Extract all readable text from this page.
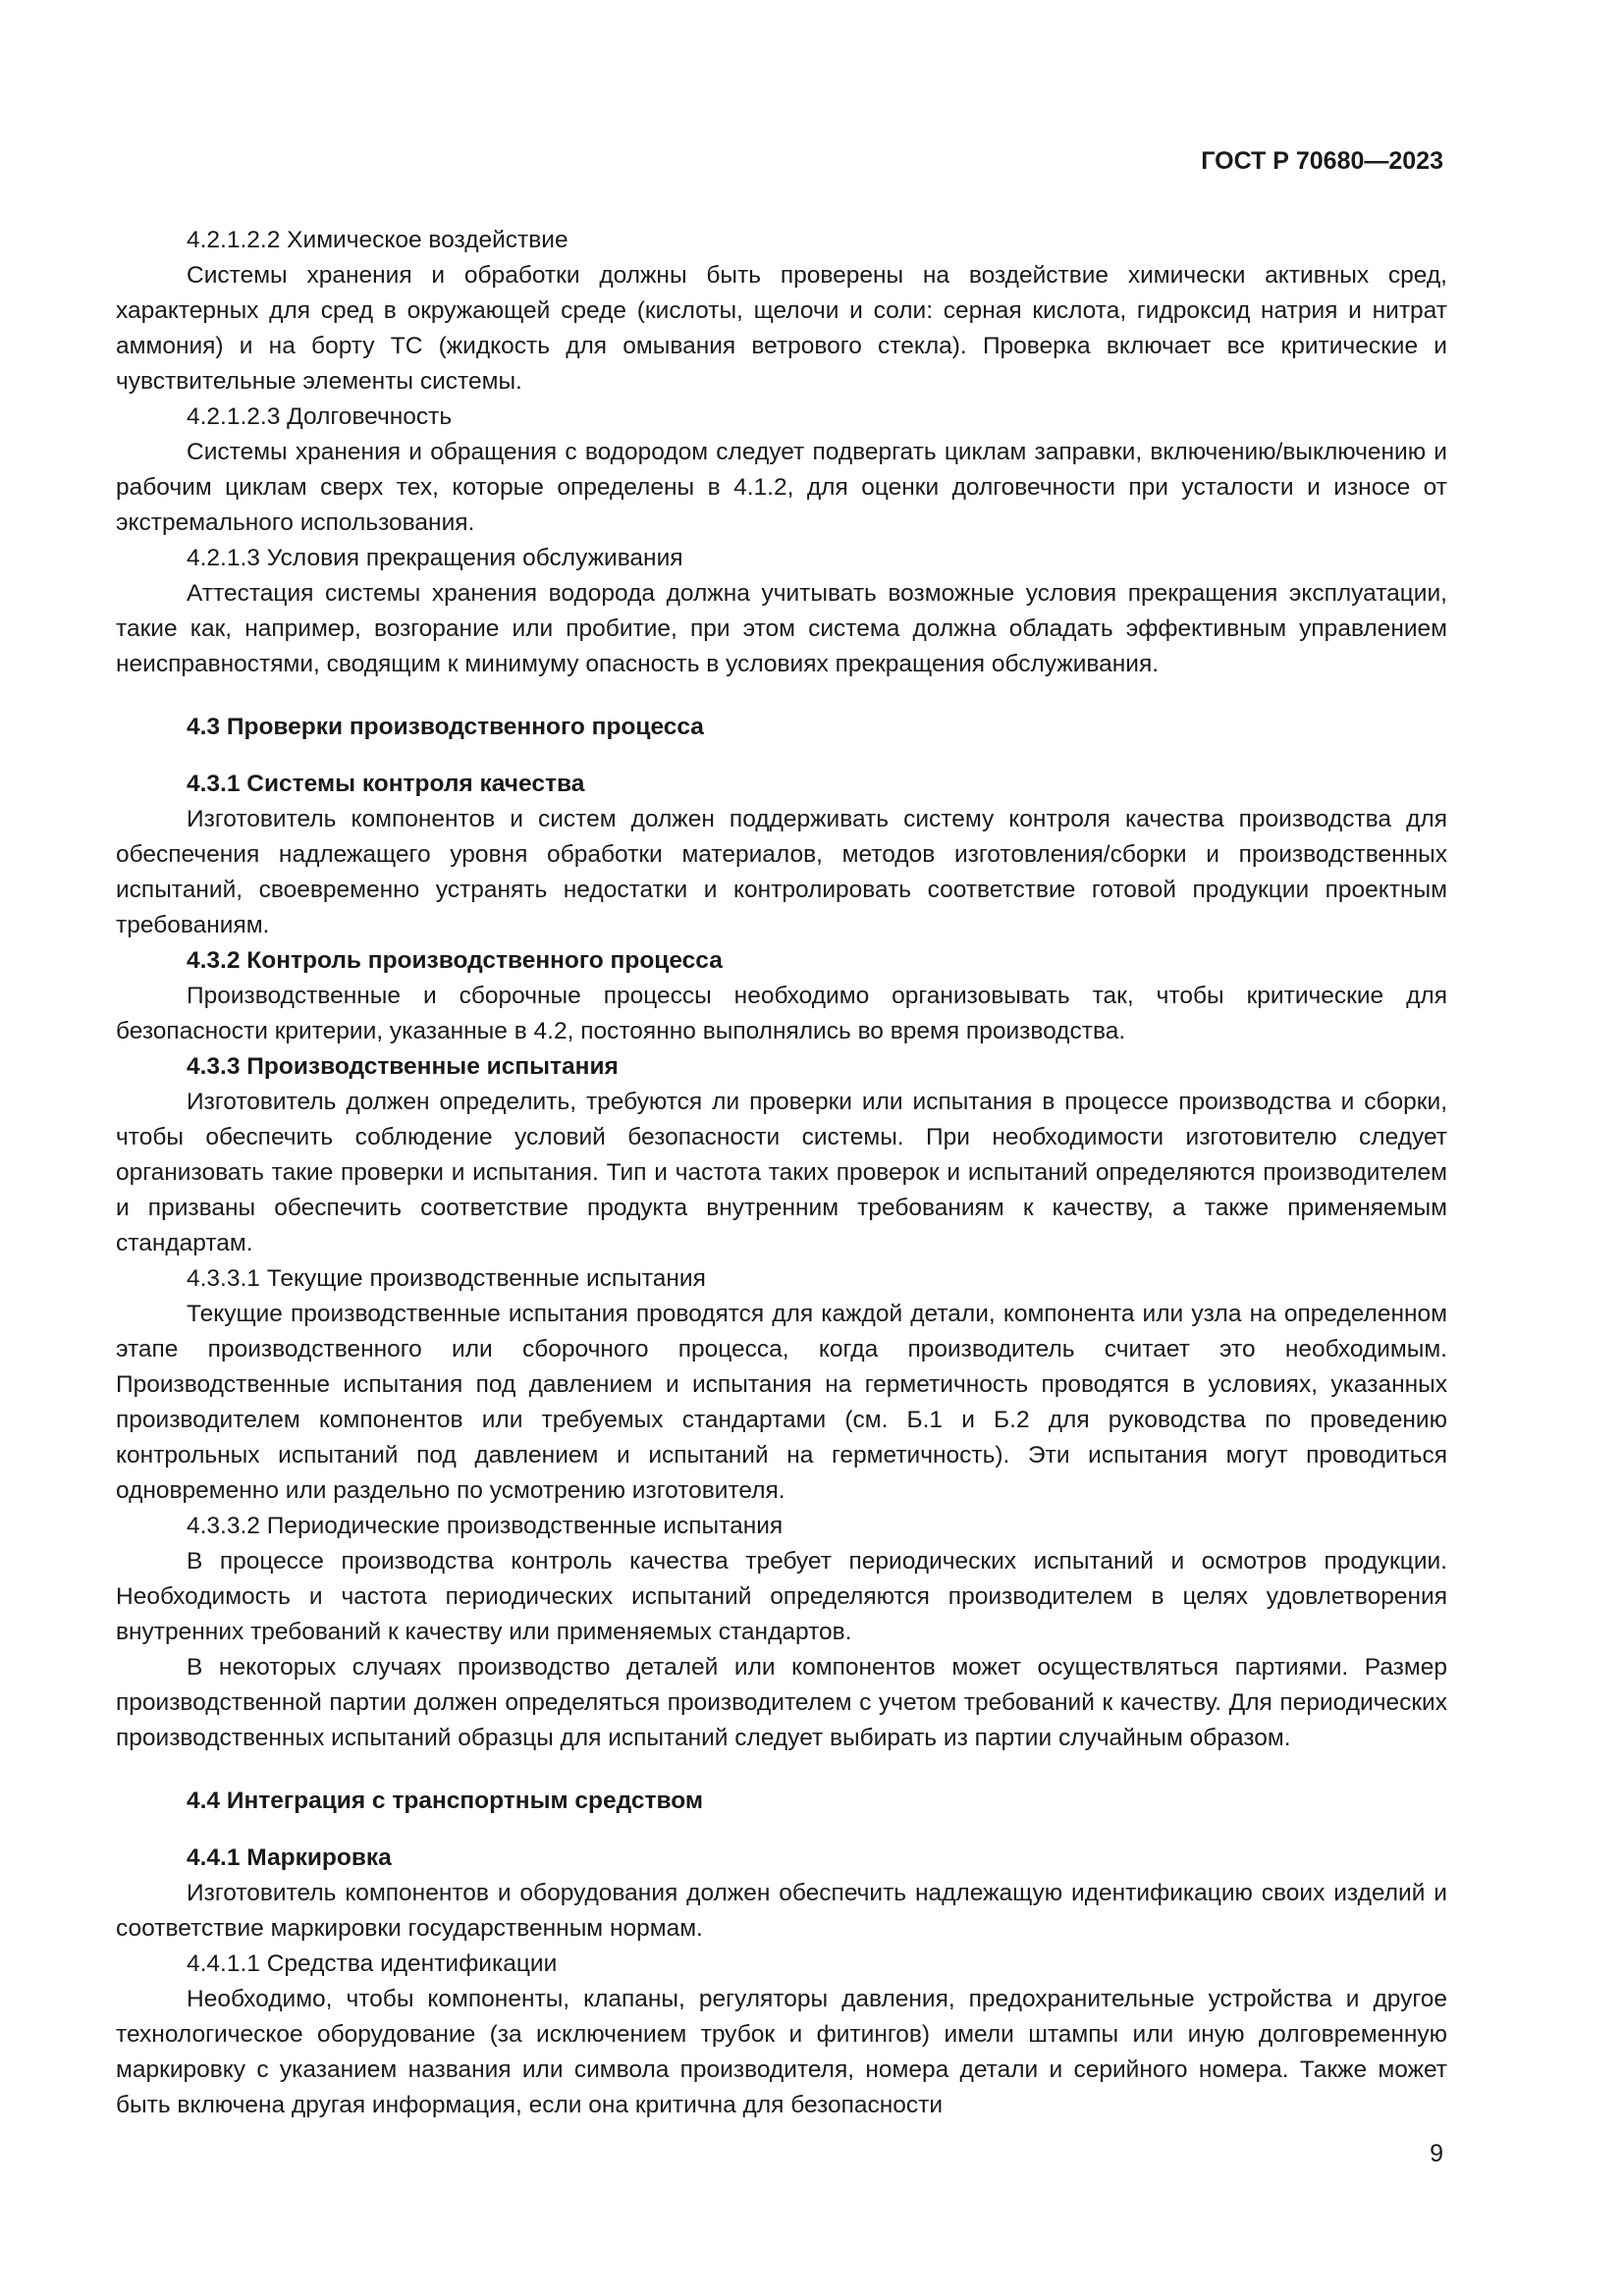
ГОСТ Р 70680—2023

4.2.1.2.2 Химическое воздействие

Системы хранения и обработки должны быть проверены на воздействие химически активных сред, характерных для сред в окружающей среде (кислоты, щелочи и соли: серная кислота, гидроксид натрия и нитрат аммония) и на борту ТС (жидкость для омывания ветрового стекла). Проверка включает все критические и чувствительные элементы системы.

4.2.1.2.3 Долговечность

Системы хранения и обращения с водородом следует подвергать циклам заправки, включению/выключению и рабочим циклам сверх тех, которые определены в 4.1.2, для оценки долговечности при усталости и износе от экстремального использования.

4.2.1.3 Условия прекращения обслуживания

Аттестация системы хранения водорода должна учитывать возможные условия прекращения эксплуатации, такие как, например, возгорание или пробитие, при этом система должна обладать эффективным управлением неисправностями, сводящим к минимуму опасность в условиях прекращения обслуживания.

4.3 Проверки производственного процесса

4.3.1 Системы контроля качества

Изготовитель компонентов и систем должен поддерживать систему контроля качества производства для обеспечения надлежащего уровня обработки материалов, методов изготовления/сборки и производственных испытаний, своевременно устранять недостатки и контролировать соответствие готовой продукции проектным требованиям.

4.3.2 Контроль производственного процесса

Производственные и сборочные процессы необходимо организовывать так, чтобы критические для безопасности критерии, указанные в 4.2, постоянно выполнялись во время производства.

4.3.3 Производственные испытания

Изготовитель должен определить, требуются ли проверки или испытания в процессе производства и сборки, чтобы обеспечить соблюдение условий безопасности системы. При необходимости изготовителю следует организовать такие проверки и испытания. Тип и частота таких проверок и испытаний определяются производителем и призваны обеспечить соответствие продукта внутренним требованиям к качеству, а также применяемым стандартам.

4.3.3.1 Текущие производственные испытания

Текущие производственные испытания проводятся для каждой детали, компонента или узла на определенном этапе производственного или сборочного процесса, когда производитель считает это необходимым. Производственные испытания под давлением и испытания на герметичность проводятся в условиях, указанных производителем компонентов или требуемых стандартами (см. Б.1 и Б.2 для руководства по проведению контрольных испытаний под давлением и испытаний на герметичность). Эти испытания могут проводиться одновременно или раздельно по усмотрению изготовителя.

4.3.3.2 Периодические производственные испытания

В процессе производства контроль качества требует периодических испытаний и осмотров продукции. Необходимость и частота периодических испытаний определяются производителем в целях удовлетворения внутренних требований к качеству или применяемых стандартов.

В некоторых случаях производство деталей или компонентов может осуществляться партиями. Размер производственной партии должен определяться производителем с учетом требований к качеству. Для периодических производственных испытаний образцы для испытаний следует выбирать из партии случайным образом.

4.4 Интеграция с транспортным средством

4.4.1 Маркировка

Изготовитель компонентов и оборудования должен обеспечить надлежащую идентификацию своих изделий и соответствие маркировки государственным нормам.

4.4.1.1 Средства идентификации

Необходимо, чтобы компоненты, клапаны, регуляторы давления, предохранительные устройства и другое технологическое оборудование (за исключением трубок и фитингов) имели штампы или иную долговременную маркировку с указанием названия или символа производителя, номера детали и серийного номера. Также может быть включена другая информация, если она критична для безопасности

9
